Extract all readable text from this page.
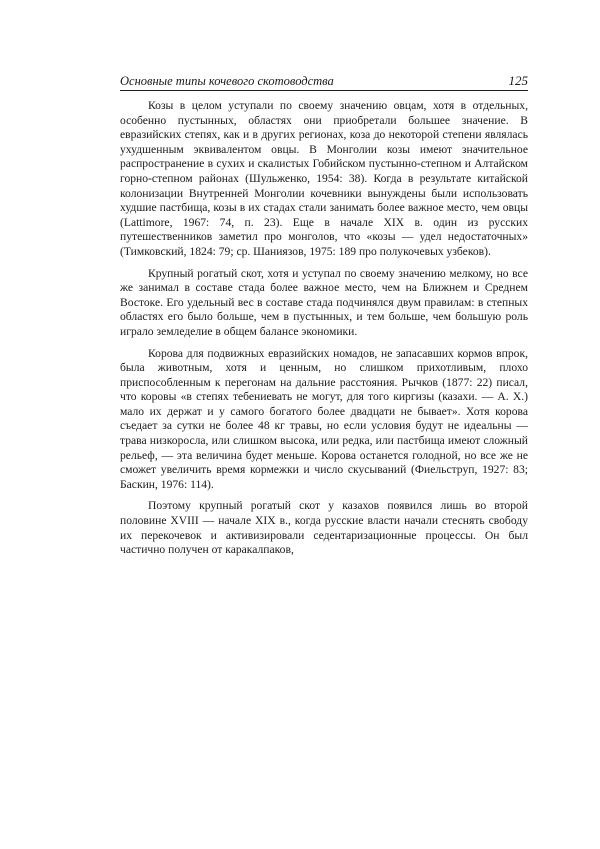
Основные типы кочевого скотоводства	125

Козы в целом уступали по своему значению овцам, хотя в отдельных, особенно пустынных, областях они приобретали большее значение. В евразийских степях, как и в других регионах, коза до некоторой степени являлась ухудшенным эквивалентом овцы. В Монголии козы имеют значительное распространение в сухих и скалистых Гобийском пустынно-степном и Алтайском горно-степном районах (Шульженко, 1954: 38). Когда в результате китайской колонизации Внутренней Монголии кочевники вынуждены были использовать худшие пастбища, козы в их стадах стали занимать более важное место, чем овцы (Lattimore, 1967: 74, п. 23). Еще в начале XIX в. один из русских путешественников заметил про монголов, что «козы — удел недостаточных» (Тимковский, 1824: 79; ср. Шаниязов, 1975: 189 про полукочевых узбеков).

Крупный рогатый скот, хотя и уступал по своему значению мелкому, но все же занимал в составе стада более важное место, чем на Ближнем и Среднем Востоке. Его удельный вес в составе стада подчинялся двум правилам: в степных областях его было больше, чем в пустынных, и тем больше, чем большую роль играло земледелие в общем балансе экономики.

Корова для подвижных евразийских номадов, не запасавших кормов впрок, была животным, хотя и ценным, но слишком прихотливым, плохо приспособленным к перегонам на дальние расстояния. Рычков (1877: 22) писал, что коровы «в степях тебениевать не могут, для того киргизы (казахи. — А. Х.) мало их держат и у самого богатого более двадцати не бывает». Хотя корова съедает за сутки не более 48 кг травы, но если условия будут не идеальны — трава низкоросла, или слишком высока, или редка, или пастбища имеют сложный рельеф, — эта величина будет меньше. Корова останется голодной, но все же не сможет увеличить время кормежки и число скусываний (Фиельструп, 1927: 83; Баскин, 1976: 114).

Поэтому крупный рогатый скот у казахов появился лишь во второй половине XVIII — начале XIX в., когда русские власти начали стеснять свободу их перекочевок и активизировали седентаризационные процессы. Он был частично получен от каракалпаков,
